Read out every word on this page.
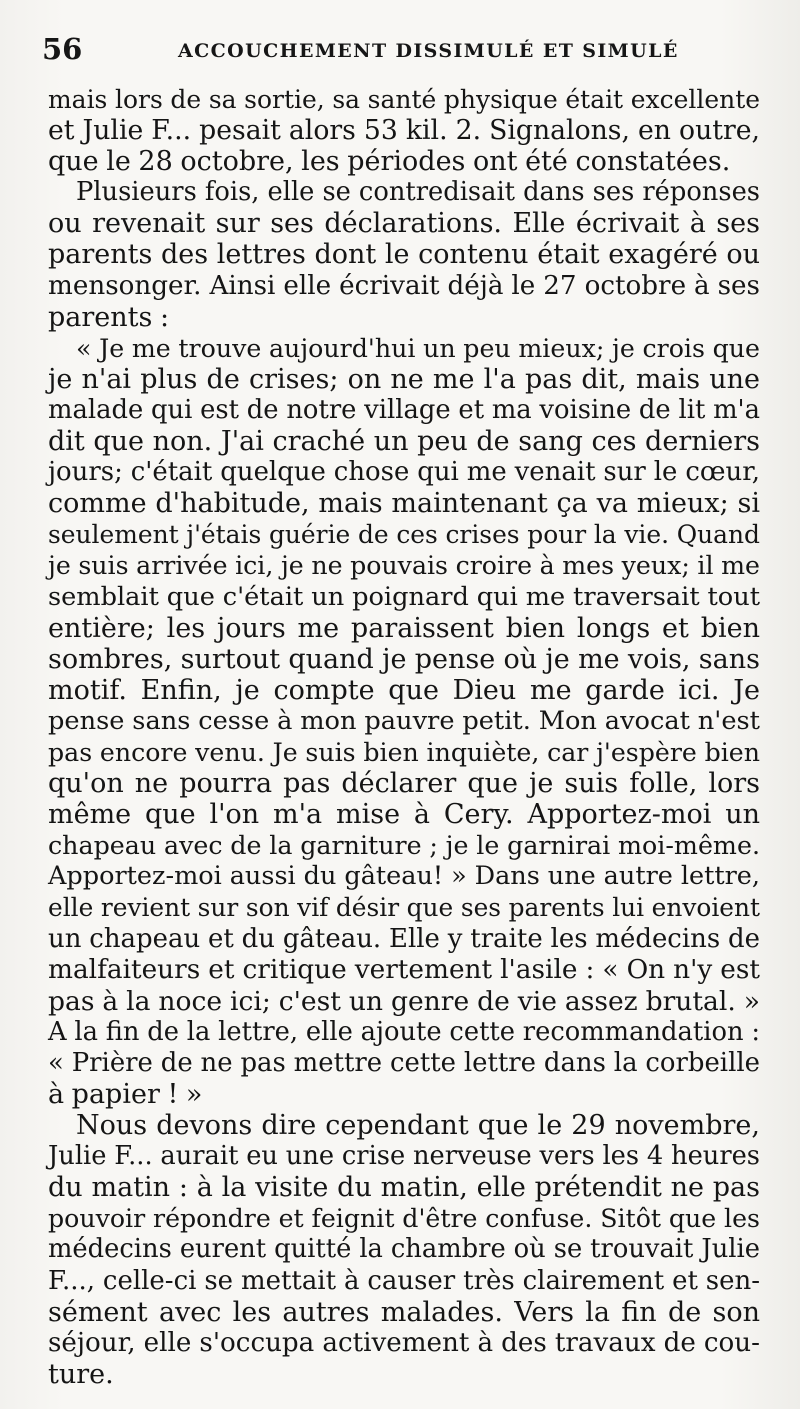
56	ACCOUCHEMENT DISSIMULÉ ET SIMULÉ
mais lors de sa sortie, sa santé physique était excellente
et Julie F... pesait alors 53 kil. 2. Signalons, en outre,
que le 28 octobre, les périodes ont été constatées.
Plusieurs fois, elle se contredisait dans ses réponses
ou revenait sur ses déclarations. Elle écrivait à ses
parents des lettres dont le contenu était exagéré ou
mensonger. Ainsi elle écrivait déjà le 27 octobre à ses
parents :
« Je me trouve aujourd'hui un peu mieux; je crois que
je n'ai plus de crises; on ne me l'a pas dit, mais une
malade qui est de notre village et ma voisine de lit m'a
dit que non. J'ai craché un peu de sang ces derniers
jours; c'était quelque chose qui me venait sur le cœur,
comme d'habitude, mais maintenant ça va mieux; si
seulement j'étais guérie de ces crises pour la vie. Quand
je suis arrivée ici, je ne pouvais croire à mes yeux; il me
semblait que c'était un poignard qui me traversait tout
entière; les jours me paraissent bien longs et bien
sombres, surtout quand je pense où je me vois, sans
motif. Enfin, je compte que Dieu me garde ici. Je
pense sans cesse à mon pauvre petit. Mon avocat n'est
pas encore venu. Je suis bien inquiète, car j'espère bien
qu'on ne pourra pas déclarer que je suis folle, lors
même que l'on m'a mise à Cery. Apportez-moi un
chapeau avec de la garniture ; je le garnirai moi-même.
Apportez-moi aussi du gâteau! » Dans une autre lettre,
elle revient sur son vif désir que ses parents lui envoient
un chapeau et du gâteau. Elle y traite les médecins de
malfaiteurs et critique vertement l'asile : « On n'y est
pas à la noce ici; c'est un genre de vie assez brutal. »
A la fin de la lettre, elle ajoute cette recommandation :
« Prière de ne pas mettre cette lettre dans la corbeille
à papier ! »
Nous devons dire cependant que le 29 novembre,
Julie F... aurait eu une crise nerveuse vers les 4 heures
du matin : à la visite du matin, elle prétendit ne pas
pouvoir répondre et feignit d'être confuse. Sitôt que les
médecins eurent quitté la chambre où se trouvait Julie
F..., celle-ci se mettait à causer très clairement et sen-
sément avec les autres malades. Vers la fin de son
séjour, elle s'occupa activement à des travaux de cou-
ture.
